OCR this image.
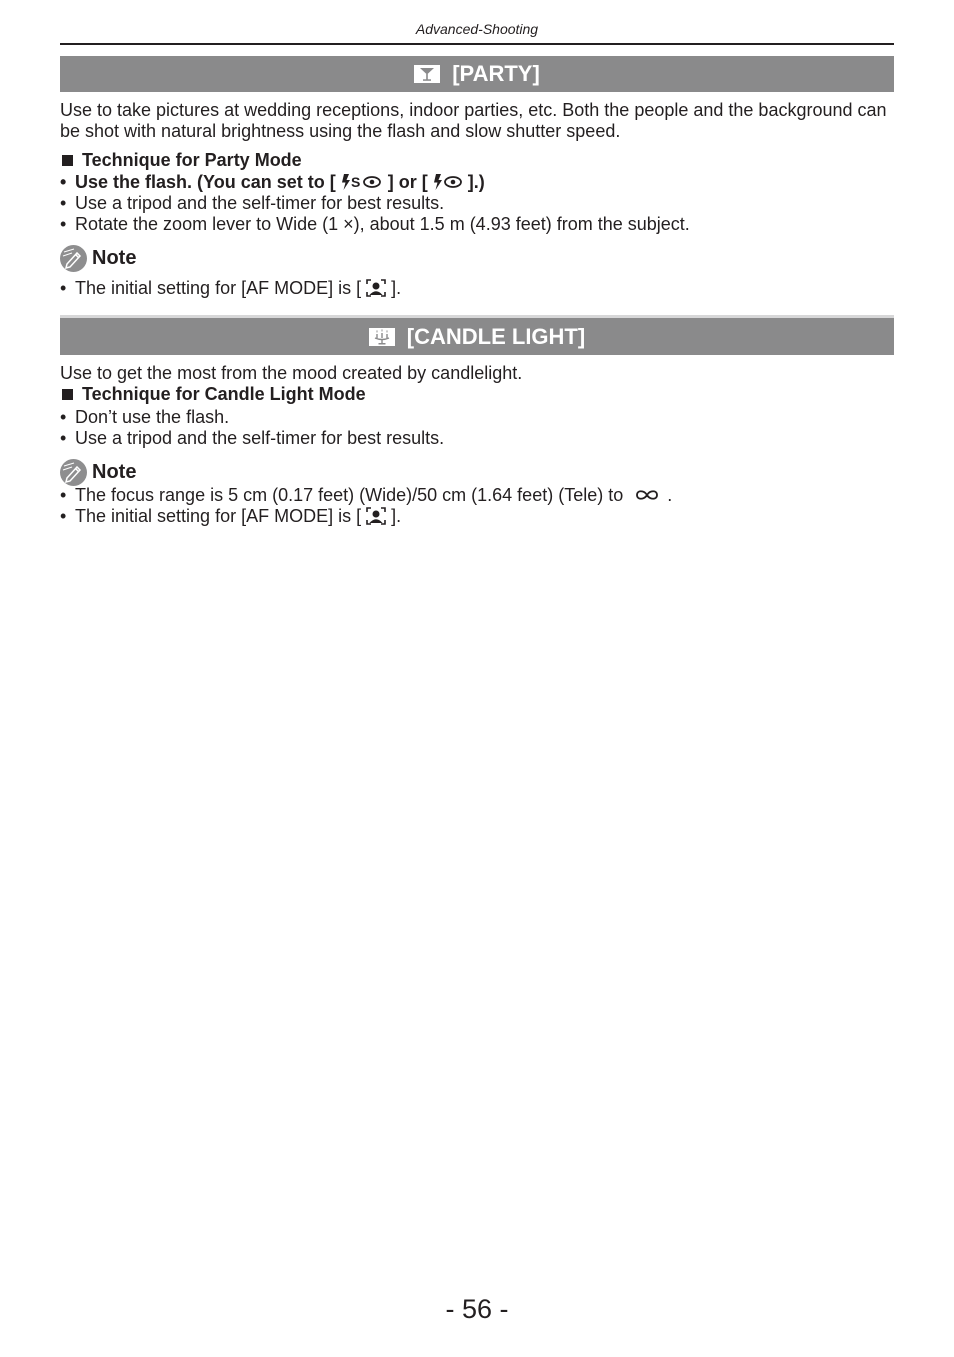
Advanced-Shooting
[PARTY]
Use to take pictures at wedding receptions, indoor parties, etc. Both the people and the background can be shot with natural brightness using the flash and slow shutter speed.
Technique for Party Mode
• Use the flash. (You can set to [ S ] or [ ].)
• Use a tripod and the self-timer for best results.
• Rotate the zoom lever to Wide (1 ×), about 1.5 m (4.93 feet) from the subject.
Note
• The initial setting for [AF MODE] is [ ].
[CANDLE LIGHT]
Use to get the most from the mood created by candlelight.
Technique for Candle Light Mode
• Don’t use the flash.
• Use a tripod and the self-timer for best results.
Note
• The focus range is 5 cm (0.17 feet) (Wide)/50 cm (1.64 feet) (Tele) to .
• The initial setting for [AF MODE] is [ ].
- 56 -
